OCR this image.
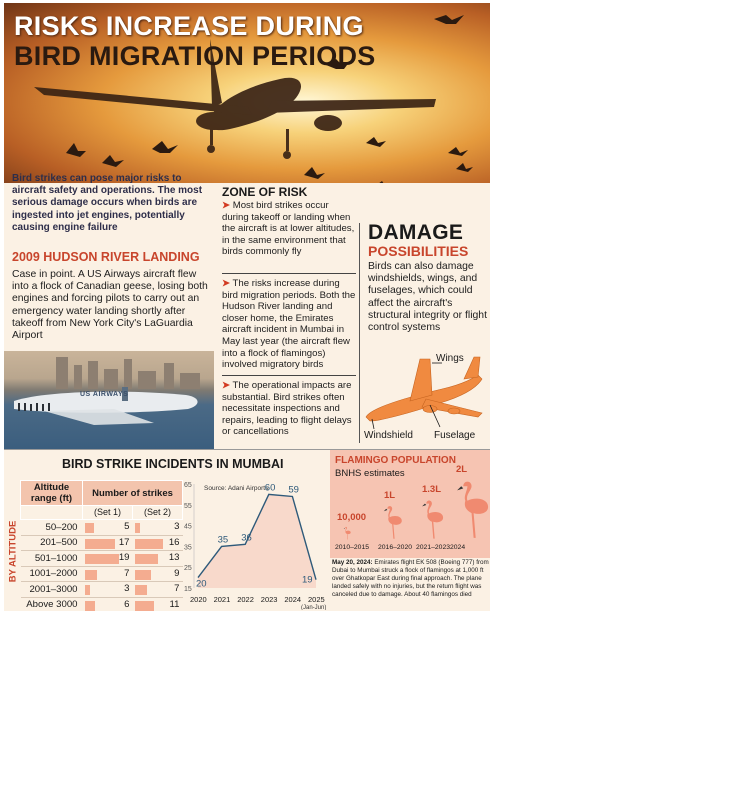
RISKS INCREASE DURING
BIRD MIGRATION PERIODS
Bird strikes can pose major risks to aircraft safety and operations. The most serious damage occurs when birds are ingested into jet engines, potentially causing engine failure
2009 HUDSON RIVER LANDING
Case in point. A US Airways aircraft flew into a flock of Canadian geese, losing both engines and forcing pilots to carry out an emergency water landing shortly after takeoff from New York City's LaGuardia Airport
US AIRWAYS
ZONE OF RISK
➤ Most bird strikes occur during takeoff or landing when the aircraft is at lower altitudes, in the same environment that birds commonly fly
➤ The risks increase during bird migration periods. Both the Hudson River landing and closer home, the Emirates aircraft incident in Mumbai in May last year (the aircraft flew into a flock of flamingos) involved migratory birds
➤ The operational impacts are substantial. Bird strikes often necessitate inspections and repairs, leading to flight delays or cancellations
DAMAGE
POSSIBILITIES
Birds can also damage windshields, wings, and fuselages, which could affect the aircraft's structural integrity or flight control systems
Wings
Windshield Fuselage
BIRD STRIKE INCIDENTS IN MUMBAI
BY ALTITUDE
Altitude range (ft)	Number of strikes	
	(Set 1)	(Set 2)
50–200	5	3

201–500	17	16

501–1000	19	13

1001–2000	7	9

2001–3000	3	7

Above 3000	6	11
65
55
45
35
25
15
2020 2021 2022 2023 2024 2025
(Jan-Jun)
Source: Adani Airports
20
35 36
60 59
19
FLAMINGO POPULATION
BNHS estimates
10,000
2010–2015
1L
2016–2020
1.3L
2021–2023
2L
2024
May 20, 2024: Emirates flight EK 508 (Boeing 777) from Dubai to Mumbai struck a flock of flamingos at 1,000 ft over Ghatkopar East during final approach. The plane landed safely with no injuries, but the return flight was canceled due to damage. About 40 flamingos died
